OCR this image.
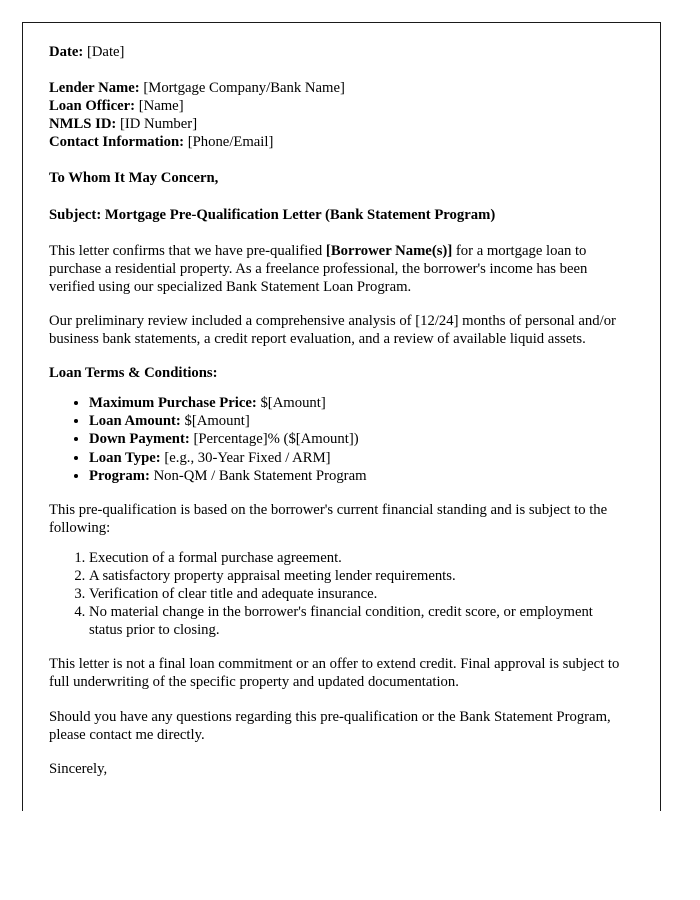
Date: [Date]
Lender Name: [Mortgage Company/Bank Name]
Loan Officer: [Name]
NMLS ID: [ID Number]
Contact Information: [Phone/Email]
To Whom It May Concern,
Subject: Mortgage Pre-Qualification Letter (Bank Statement Program)

This letter confirms that we have pre-qualified [Borrower Name(s)] for a mortgage loan to purchase a residential property. As a freelance professional, the borrower's income has been verified using our specialized Bank Statement Loan Program.

Our preliminary review included a comprehensive analysis of [12/24] months of personal and/or business bank statements, a credit report evaluation, and a review of available liquid assets.

Loan Terms & Conditions:
• Maximum Purchase Price: $[Amount]
• Loan Amount: $[Amount]
• Down Payment: [Percentage]% ($[Amount])
• Loan Type: [e.g., 30-Year Fixed / ARM]
• Program: Non-QM / Bank Statement Program

This pre-qualification is based on the borrower's current financial standing and is subject to the following:

1. Execution of a formal purchase agreement.
2. A satisfactory property appraisal meeting lender requirements.
3. Verification of clear title and adequate insurance.
4. No material change in the borrower's financial condition, credit score, or employment status prior to closing.

This letter is not a final loan commitment or an offer to extend credit. Final approval is subject to full underwriting of the specific property and updated documentation.

Should you have any questions regarding this pre-qualification or the Bank Statement Program, please contact me directly.

Sincerely,
